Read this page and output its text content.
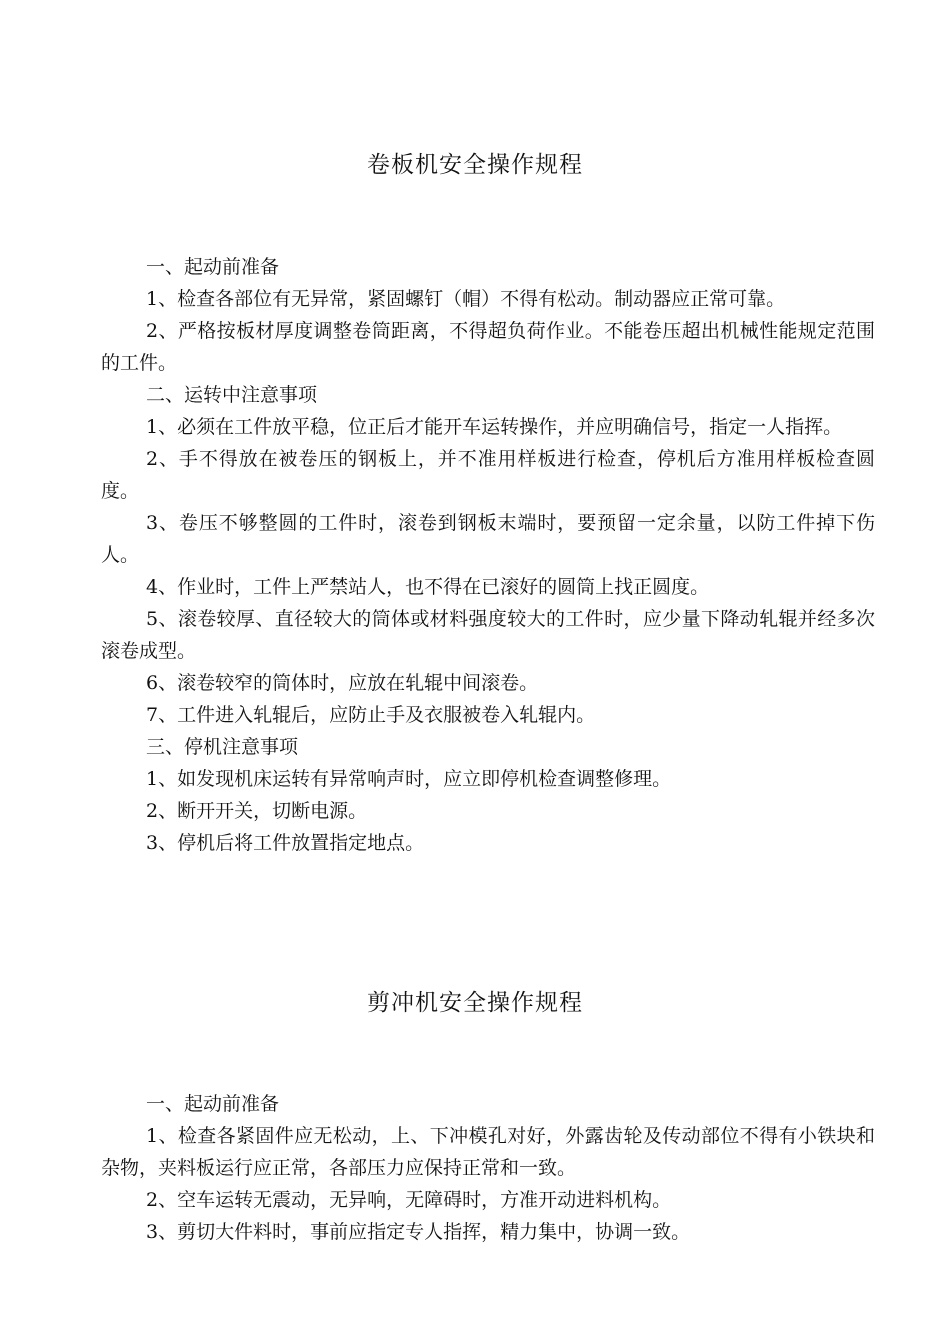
卷板机安全操作规程

一、起动前准备

1、检查各部位有无异常，紧固螺钉（帽）不得有松动。制动器应正常可靠。

2、严格按板材厚度调整卷筒距离，不得超负荷作业。不能卷压超出机械性能规定范围的工件。

二、运转中注意事项

1、必须在工件放平稳，位正后才能开车运转操作，并应明确信号，指定一人指挥。

2、手不得放在被卷压的钢板上，并不准用样板进行检查，停机后方准用样板检查圆度。

3、卷压不够整圆的工件时，滚卷到钢板末端时，要预留一定余量，以防工件掉下伤人。

4、作业时，工件上严禁站人，也不得在已滚好的圆筒上找正圆度。

5、滚卷较厚、直径较大的筒体或材料强度较大的工件时，应少量下降动轧辊并经多次滚卷成型。

6、滚卷较窄的筒体时，应放在轧辊中间滚卷。

7、工件进入轧辊后，应防止手及衣服被卷入轧辊内。

三、停机注意事项

1、如发现机床运转有异常响声时，应立即停机检查调整修理。

2、断开开关，切断电源。

3、停机后将工件放置指定地点。

剪冲机安全操作规程

一、起动前准备

1、检查各紧固件应无松动，上、下冲模孔对好，外露齿轮及传动部位不得有小铁块和杂物，夹料板运行应正常，各部压力应保持正常和一致。

2、空车运转无震动，无异响，无障碍时，方准开动进料机构。

3、剪切大件料时，事前应指定专人指挥，精力集中，协调一致。
